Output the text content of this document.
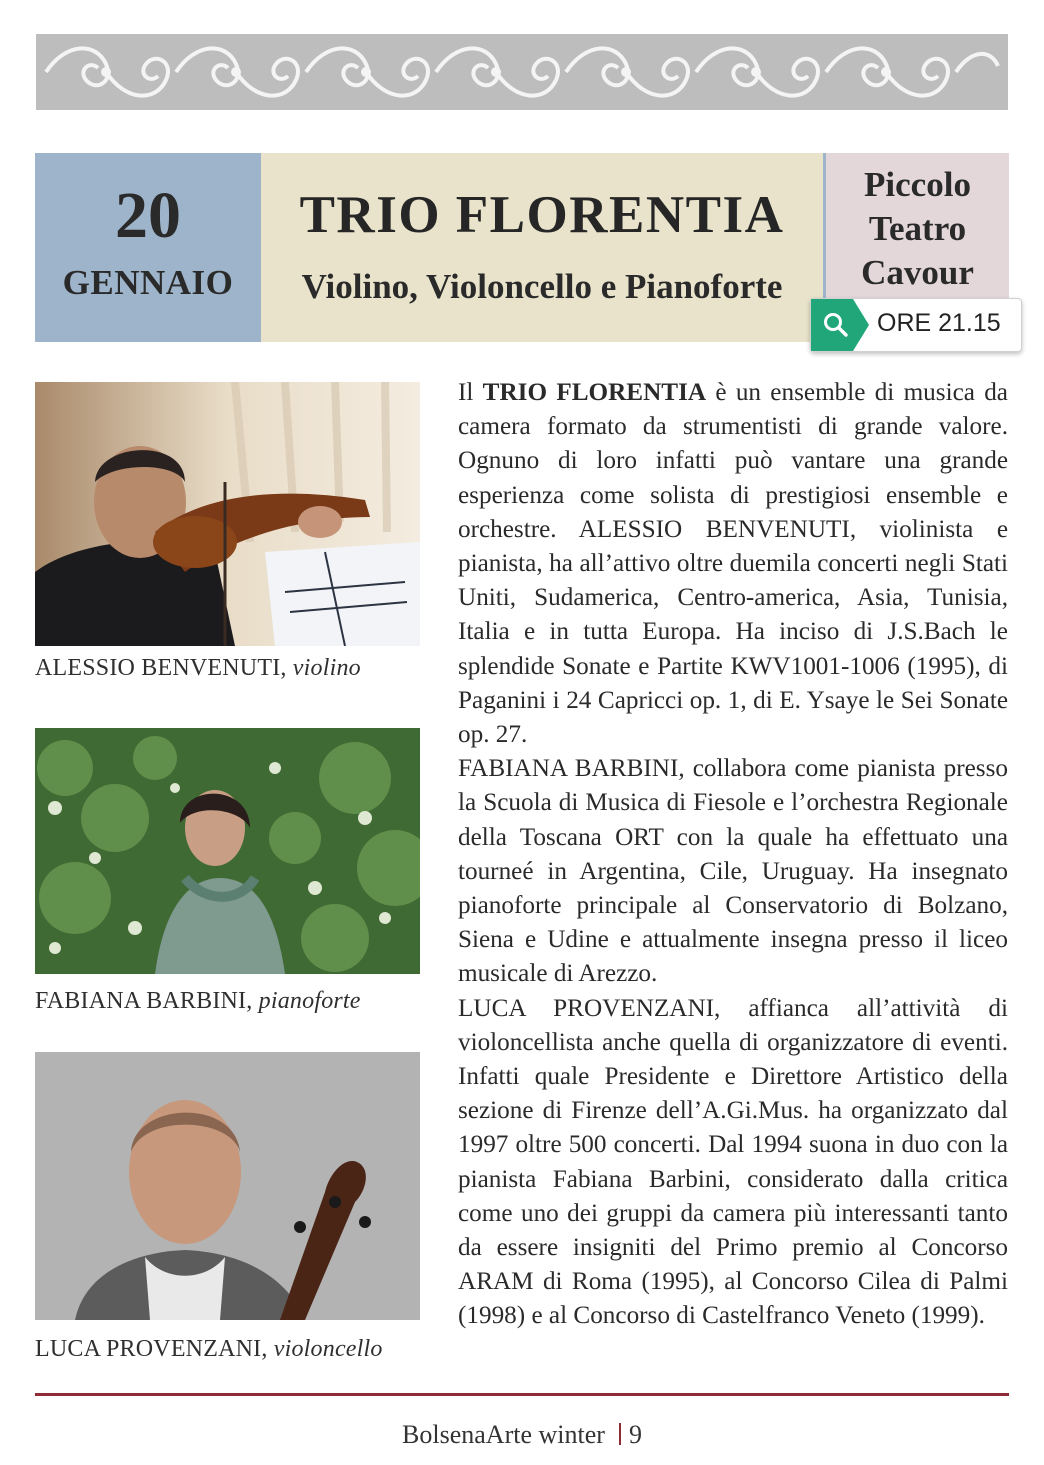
20
GENNAIO
TRIO FLORENTIA
Violino, Violoncello e Pianoforte
Piccolo
Teatro
Cavour
ORE 21.15
ALESSIO BENVENUTI, violino
FABIANA BARBINI, pianoforte
LUCA PROVENZANI, violoncello

Il TRIO FLORENTIA è un ensemble di musica da camera formato da strumentisti di grande valore. Ognuno di loro infatti può vantare una grande esperienza come solista di prestigiosi ensemble e orchestre. ALESSIO BENVENUTI, violinista e pianista, ha all’attivo oltre duemila concerti negli Stati Uniti, Sudamerica, Centro-america, Asia, Tunisia, Italia e in tutta Europa. Ha inciso di J.S.Bach le splendide Sonate e Partite KWV1001-1006 (1995), di Paganini i 24 Capricci op. 1, di E. Ysaye le Sei Sonate op. 27.

FABIANA BARBINI, collabora come pianista presso la Scuola di Musica di Fiesole e l’orchestra Regionale della Toscana ORT con la quale ha effettuato una tourneé in Argentina, Cile, Uruguay. Ha insegnato pianoforte principale al Conservatorio di Bolzano, Siena e Udine e attualmente insegna presso il liceo musicale di Arezzo.

LUCA PROVENZANI, affianca all’attività di violoncellista anche quella di organizzatore di eventi. Infatti quale Presidente e Direttore Artistico della sezione di Firenze dell’A.Gi.Mus. ha organizzato dal 1997 oltre 500 concerti. Dal 1994 suona in duo con la pianista Fabiana Barbini, considerato dalla critica come uno dei gruppi da camera più interessanti tanto da essere insigniti del Primo premio al Concorso ARAM di Roma (1995), al Concorso Cilea di Palmi (1998) e al Concorso di Castelfranco Veneto (1999).

BolsenaArte winter 9
